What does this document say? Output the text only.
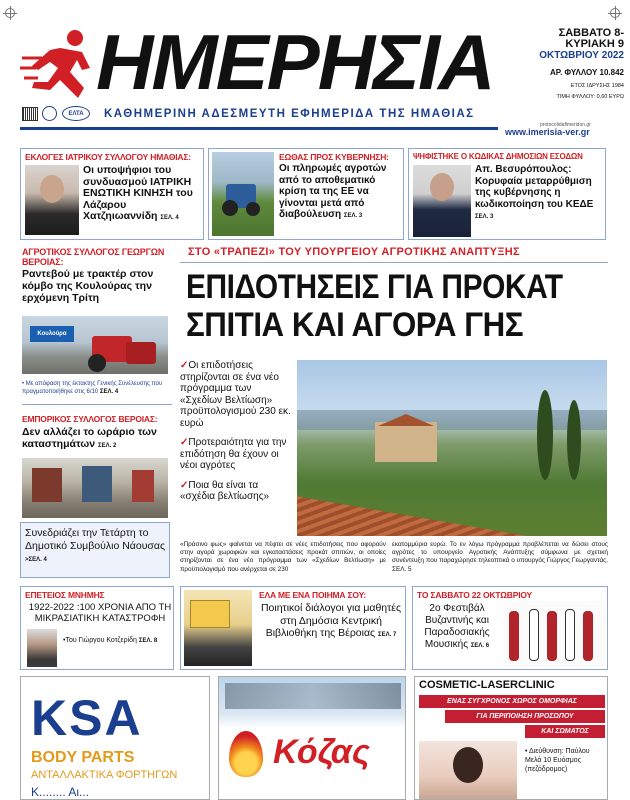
ΗΜΕΡΗΣΙΑ	ΣΑΒΒΑΤΟ 8-
ΚΥΡΙΑΚΗ 9
ΟΚΤΩΒΡΙΟΥ 2022
ΑΡ. ΦΥΛΛΟΥ 10.842
ΕΤΟΣ ΙΔΡΥΣΗΣ 1984
ΤΙΜΗ ΦΥΛΛΟΥ: 0,60 ΕΥΡΩ
ΕΛΤΑ	ΚΑΘΗΜΕΡΙΝΗ ΑΔΕΣΜΕΥΤΗ ΕΦΗΜΕΡΙΔΑ ΤΗΣ ΗΜΑΘΙΑΣ
protocolidafimeridon.gr
www.imerisia-ver.gr
ΕΚΛΟΓΕΣ ΙΑΤΡΙΚΟΥ ΣΥΛΛΟΓΟΥ ΗΜΑΘΙΑΣ:
Οι υποψήφιοι του συνδυασμού ΙΑΤΡΙΚΗ ΕΝΩΤΙΚΗ ΚΙΝΗΣΗ του Λάζαρου Χατζηιωαννίδη ΣΕΛ. 4
ΕΩΘΑΣ ΠΡΟΣ ΚΥΒΕΡΝΗΣΗ:
Οι πληρωμές αγροτών από το αποθεματικό κρίση τα της ΕΕ να γίνονται μετά από διαβούλευση ΣΕΛ. 3
ΨΗΦΙΣΤΗΚΕ Ο ΚΩΔΙΚΑΣ ΔΗΜΟΣΙΩΝ ΕΣΟΔΩΝ
Απ. Βεσυρόπουλος: Κορυφαία μεταρρύθμιση της κυβέρνησης η κωδικοποίηση του ΚΕΔΕ ΣΕΛ. 3
ΑΓΡΟΤΙΚΟΣ ΣΥΛΛΟΓΟΣ ΓΕΩΡΓΩΝ ΒΕΡΟΙΑΣ:
Ραντεβού με τρακτέρ στον κόμβο της Κουλούρας την ερχόμενη Τρίτη
Κουλούρα
• Με απόφαση της έκτακτης Γενικής Συνέλευσης που πραγματοποιήθηκε στις 6/10 ΣΕΛ. 4
ΕΜΠΟΡΙΚΟΣ ΣΥΛΛΟΓΟΣ ΒΕΡΟΙΑΣ:
Δεν αλλάζει το ωράριο των καταστημάτων ΣΕΛ. 2
Συνεδριάζει την Τετάρτη το Δημοτικό Συμβούλιο Νάουσας >ΣΕΛ. 4
ΣΤΟ «ΤΡΑΠΕΖΙ» ΤΟΥ ΥΠΟΥΡΓΕΙΟΥ ΑΓΡΟΤΙΚΗΣ ΑΝΑΠΤΥΞΗΣ
ΕΠΙΔΟΤΗΣΕΙΣ ΓΙΑ ΠΡΟΚΑΤ
ΣΠΙΤΙΑ ΚΑΙ ΑΓΟΡΑ ΓΗΣ
✓Οι επιδοτήσεις στηρίζονται σε ένα νέο πρόγραμμα των «Σχεδίων Βελτίωση» προϋπολογισμού 230 εκ. ευρώ
✓Προτεραιότητα για την επιδότηση θα έχουν οι νέοι αγρότες
✓Ποια θα είναι τα «σχέδια βελτίωσης»
«Πράσινο φως» φαίνεται να πέφτει σε νέες επιδοτήσεις που αφορούν στην αγορά χωραφιών και εγκαταστάσεις προκάτ σπιτιών, οι οποίες στηρίζονται σε ένα νέο πρόγραμμα των «Σχεδίων Βελτίωση» με προϋπολογισμό που ανέρχεται σε 230
εκατομμύρια ευρώ. Το εν λόγω πρόγραμμα προβλέπεται να δώσει στους αγρότες το υπουργείο Αγροτικής Ανάπτυξης σύμφωνα με σχετική συνέντευξη που παραχώρησε τηλεοπτικά ο υπουργός Γιώργος Γεωργαντάς. ΣΕΛ. 5
ΕΠΕΤΕΙΟΣ ΜΝΗΜΗΣ
1922-2022 :100 ΧΡΟΝΙΑ ΑΠΟ ΤΗ ΜΙΚΡΑΣΙΑΤΙΚΗ ΚΑΤΑΣΤΡΟΦΗ
•Του Γιώργου Κοτζερίδη ΣΕΛ. 8
ΕΛΑ ΜΕ ΕΝΑ ΠΟΙΗΜΑ ΣΟΥ:
Ποιητικοί διάλογοι για μαθητές στη Δημόσια Κεντρική Βιβλιοθήκη της Βέροιας ΣΕΛ. 7
ΤΟ ΣΑΒΒΑΤΟ 22 ΟΚΤΩΒΡΙΟΥ
2ο Φεστιβάλ Βυζαντινής και Παραδοσιακής Μουσικής ΣΕΛ. 6
KSA
BODY PARTS
ΑΝΤΑΛΛΑΚΤΙΚΑ ΦΟΡΤΗΓΩΝ
Κ........ Αι...
Κόζας
COSMETIC-LASERCLINIC
ΕΝΑΣ ΣΥΓΧΡΟΝΟΣ ΧΩΡΟΣ ΟΜΟΡΦΙΑΣ
ΓΙΑ ΠΕΡΙΠΟΙΗΣΗ ΠΡΟΣΩΠΟΥ
ΚΑΙ ΣΩΜΑΤΟΣ
• Διεύθυνση: Παύλου Μελά 10 Ευόσμος (πεζόδρομος)
